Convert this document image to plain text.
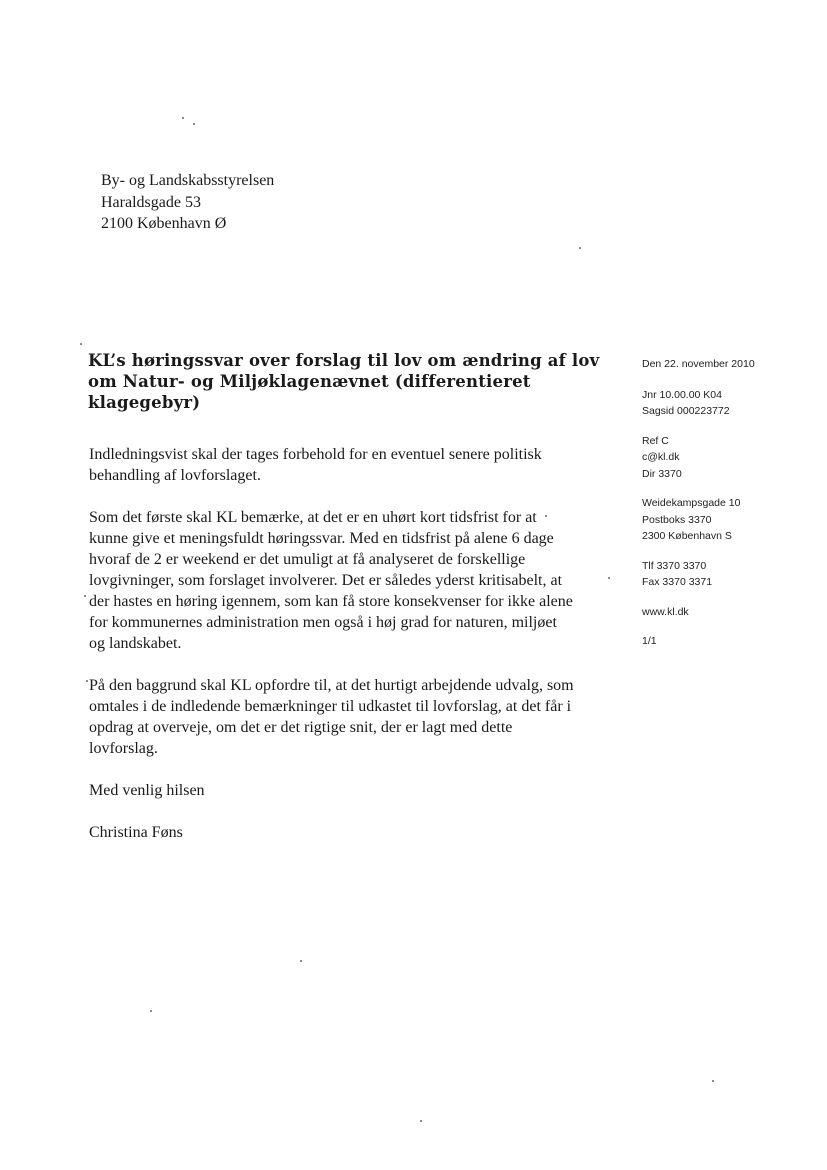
By- og Landskabsstyrelsen
Haraldsgade 53
2100 København Ø
KL’s høringssvar over forslag til lov om ændring af lov
om Natur- og Miljøklagenævnet (differentieret
klagegebyr)
Indledningsvist skal der tages forbehold for en eventuel senere politisk
behandling af lovforslaget.
Som det første skal KL bemærke, at det er en uhørt kort tidsfrist for at
kunne give et meningsfuldt høringssvar. Med en tidsfrist på alene 6 dage
hvoraf de 2 er weekend er det umuligt at få analyseret de forskellige
lovgivninger, som forslaget involverer. Det er således yderst kritisabelt, at
der hastes en høring igennem, som kan få store konsekvenser for ikke alene
for kommunernes administration men også i høj grad for naturen, miljøet
og landskabet.
På den baggrund skal KL opfordre til, at det hurtigt arbejdende udvalg, som
omtales i de indledende bemærkninger til udkastet til lovforslag, at det får i
opdrag at overveje, om det er det rigtige snit, der er lagt med dette
lovforslag.
Med venlig hilsen
Christina Føns
Den 22. november 2010
Jnr 10.00.00 K04
Sagsid 000223772
Ref C
c@kl.dk
Dir 3370
Weidekampsgade 10
Postboks 3370
2300 København S
Tlf 3370 3370
Fax 3370 3371
www.kl.dk
1/1
